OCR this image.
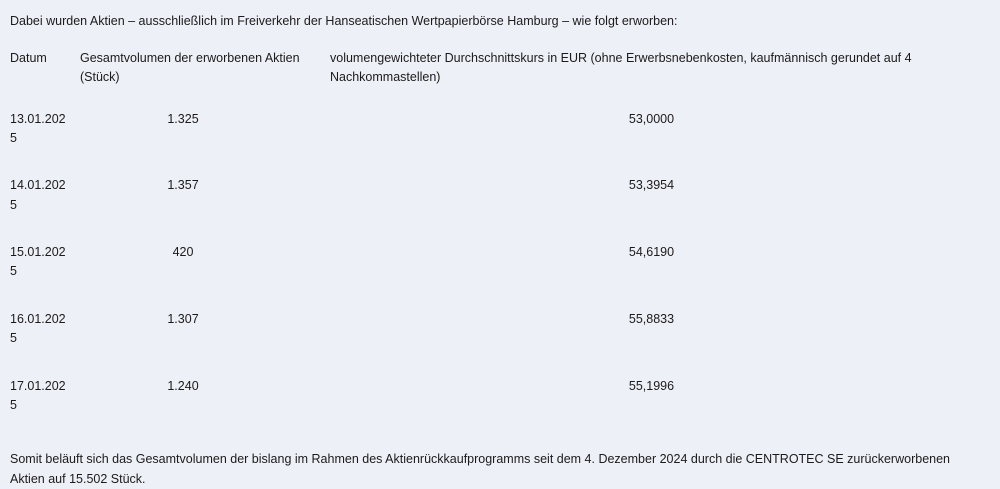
Dabei wurden Aktien – ausschließlich im Freiverkehr der Hanseatischen Wertpapierbörse Hamburg – wie folgt erworben:

Datum	Gesamtvolumen der erworbenen Aktien (Stück)	volumengewichteter Durchschnittskurs in EUR (ohne Erwerbsnebenkosten, kaufmännisch gerundet auf 4 Nachkommastellen)
13.01.2025	1.325	53,0000
14.01.2025	1.357	53,3954
15.01.2025	420	54,6190
16.01.2025	1.307	55,8833
17.01.2025	1.240	55,1996

Somit beläuft sich das Gesamtvolumen der bislang im Rahmen des Aktienrückkaufprogramms seit dem 4. Dezember 2024 durch die CENTROTEC SE zurückerworbenen Aktien auf 15.502 Stück.
